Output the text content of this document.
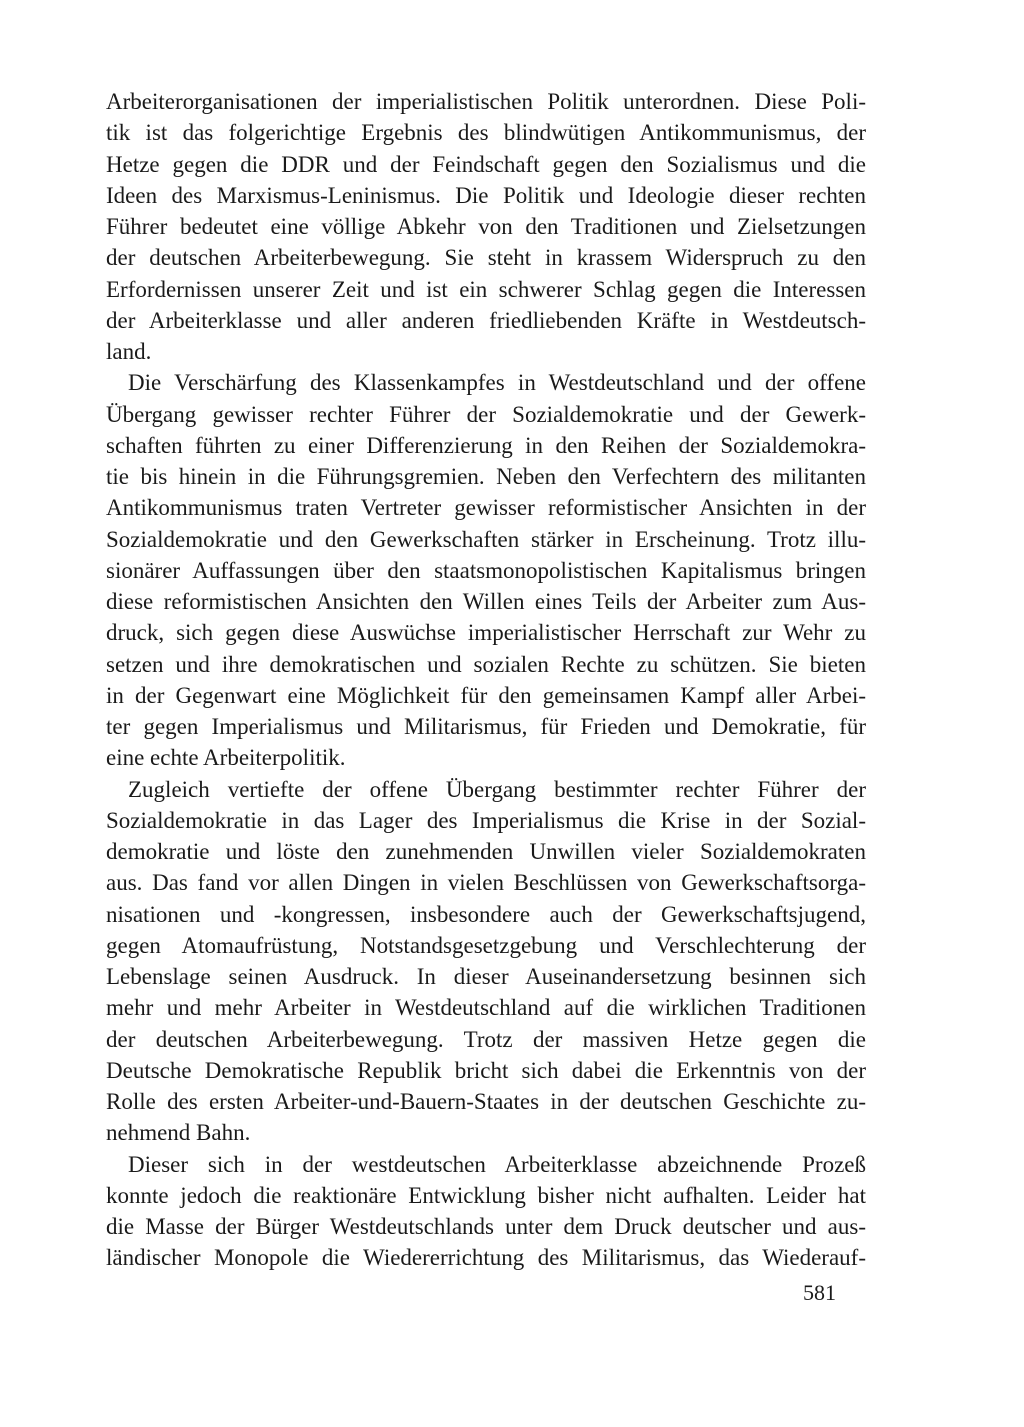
Arbeiterorganisationen der imperialistischen Politik unterordnen. Diese Poli-
tik ist das folgerichtige Ergebnis des blindwütigen Antikommunismus, der
Hetze gegen die DDR und der Feindschaft gegen den Sozialismus und die
Ideen des Marxismus-Leninismus. Die Politik und Ideologie dieser rechten
Führer bedeutet eine völlige Abkehr von den Traditionen und Zielsetzungen
der deutschen Arbeiterbewegung. Sie steht in krassem Widerspruch zu den
Erfordernissen unserer Zeit und ist ein schwerer Schlag gegen die Interessen
der Arbeiterklasse und aller anderen friedliebenden Kräfte in Westdeutsch-
land.
Die Verschärfung des Klassenkampfes in Westdeutschland und der offene
Übergang gewisser rechter Führer der Sozialdemokratie und der Gewerk-
schaften führten zu einer Differenzierung in den Reihen der Sozialdemokra-
tie bis hinein in die Führungsgremien. Neben den Verfechtern des militanten
Antikommunismus traten Vertreter gewisser reformistischer Ansichten in der
Sozialdemokratie und den Gewerkschaften stärker in Erscheinung. Trotz illu-
sionärer Auffassungen über den staatsmonopolistischen Kapitalismus bringen
diese reformistischen Ansichten den Willen eines Teils der Arbeiter zum Aus-
druck, sich gegen diese Auswüchse imperialistischer Herrschaft zur Wehr zu
setzen und ihre demokratischen und sozialen Rechte zu schützen. Sie bieten
in der Gegenwart eine Möglichkeit für den gemeinsamen Kampf aller Arbei-
ter gegen Imperialismus und Militarismus, für Frieden und Demokratie, für
eine echte Arbeiterpolitik.
Zugleich vertiefte der offene Übergang bestimmter rechter Führer der
Sozialdemokratie in das Lager des Imperialismus die Krise in der Sozial-
demokratie und löste den zunehmenden Unwillen vieler Sozialdemokraten
aus. Das fand vor allen Dingen in vielen Beschlüssen von Gewerkschaftsorga-
nisationen und -kongressen, insbesondere auch der Gewerkschaftsjugend,
gegen Atomaufrüstung, Notstandsgesetzgebung und Verschlechterung der
Lebenslage seinen Ausdruck. In dieser Auseinandersetzung besinnen sich
mehr und mehr Arbeiter in Westdeutschland auf die wirklichen Traditionen
der deutschen Arbeiterbewegung. Trotz der massiven Hetze gegen die
Deutsche Demokratische Republik bricht sich dabei die Erkenntnis von der
Rolle des ersten Arbeiter-und-Bauern-Staates in der deutschen Geschichte zu-
nehmend Bahn.
Dieser sich in der westdeutschen Arbeiterklasse abzeichnende Prozeß
konnte jedoch die reaktionäre Entwicklung bisher nicht aufhalten. Leider hat
die Masse der Bürger Westdeutschlands unter dem Druck deutscher und aus-
ländischer Monopole die Wiedererrichtung des Militarismus, das Wiederauf-
581
